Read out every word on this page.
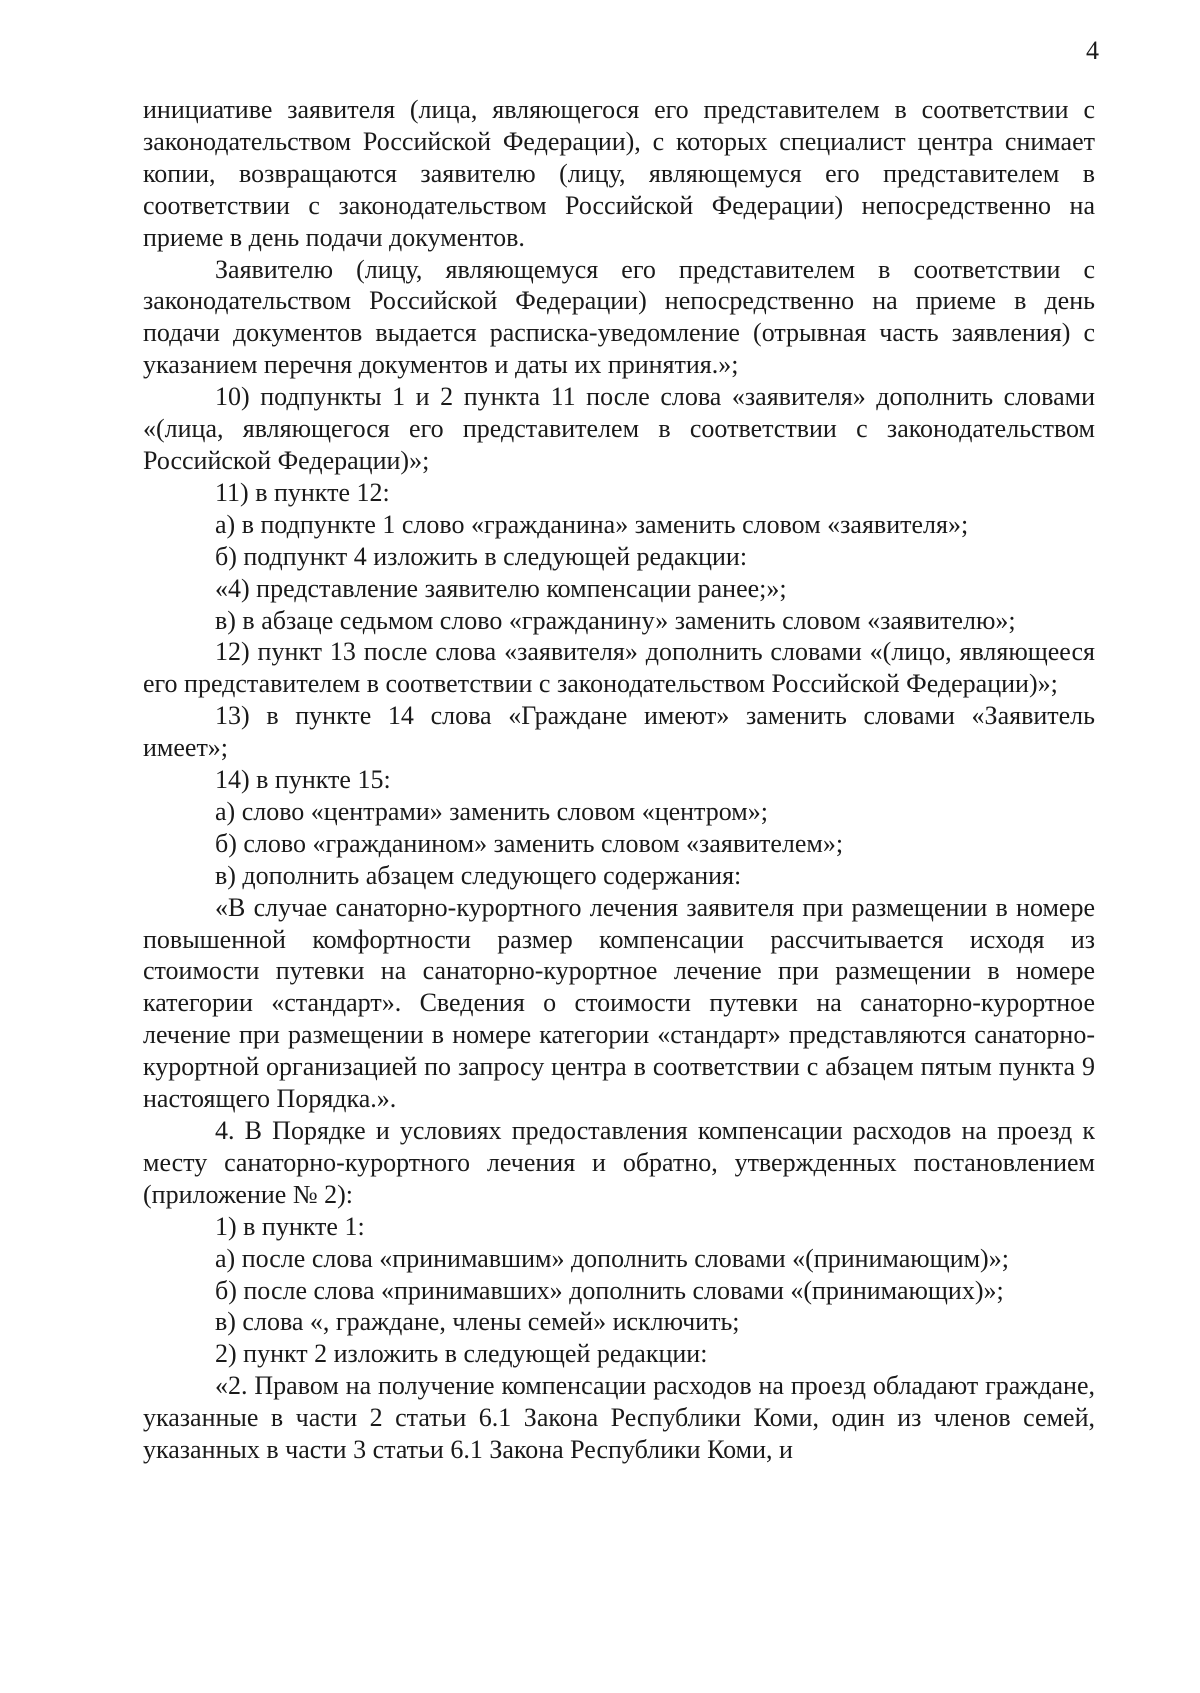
4

инициативе заявителя (лица, являющегося его представителем в соответствии с законодательством Российской Федерации), с которых специалист центра снимает копии, возвращаются заявителю (лицу, являющемуся его представителем в соответствии с законодательством Российской Федерации) непосредственно на приеме в день подачи документов.

Заявителю (лицу, являющемуся его представителем в соответствии с законодательством Российской Федерации) непосредственно на приеме в день подачи документов выдается расписка-уведомление (отрывная часть заявления) с указанием перечня документов и даты их принятия.»;

10) подпункты 1 и 2 пункта 11 после слова «заявителя» дополнить словами «(лица, являющегося его представителем в соответствии с законодательством Российской Федерации)»;

11) в пункте 12:

а) в подпункте 1 слово «гражданина» заменить словом «заявителя»;

б) подпункт 4 изложить в следующей редакции:

«4) представление заявителю компенсации ранее;»;

в) в абзаце седьмом слово «гражданину» заменить словом «заявителю»;

12) пункт 13 после слова «заявителя» дополнить словами «(лицо, являющееся его представителем в соответствии с законодательством Российской Федерации)»;

13) в пункте 14 слова «Граждане имеют» заменить словами «Заявитель имеет»;

14) в пункте 15:

а) слово «центрами» заменить словом «центром»;

б) слово «гражданином» заменить словом «заявителем»;

в) дополнить абзацем следующего содержания:

«В случае санаторно-курортного лечения заявителя при размещении в номере повышенной комфортности размер компенсации рассчитывается исходя из стоимости путевки на санаторно-курортное лечение при размещении в номере категории «стандарт». Сведения о стоимости путевки на санаторно-курортное лечение при размещении в номере категории «стандарт» представляются санаторно-курортной организацией по запросу центра в соответствии с абзацем пятым пункта 9 настоящего Порядка.».

4. В Порядке и условиях предоставления компенсации расходов на проезд к месту санаторно-курортного лечения и обратно, утвержденных постановлением (приложение № 2):

1) в пункте 1:

а) после слова «принимавшим» дополнить словами «(принимающим)»;

б) после слова «принимавших» дополнить словами «(принимающих)»;

в) слова «, граждане, члены семей» исключить;

2) пункт 2 изложить в следующей редакции:

«2. Правом на получение компенсации расходов на проезд обладают граждане, указанные в части 2 статьи 6.1 Закона Республики Коми, один из членов семей, указанных в части 3 статьи 6.1 Закона Республики Коми, и
